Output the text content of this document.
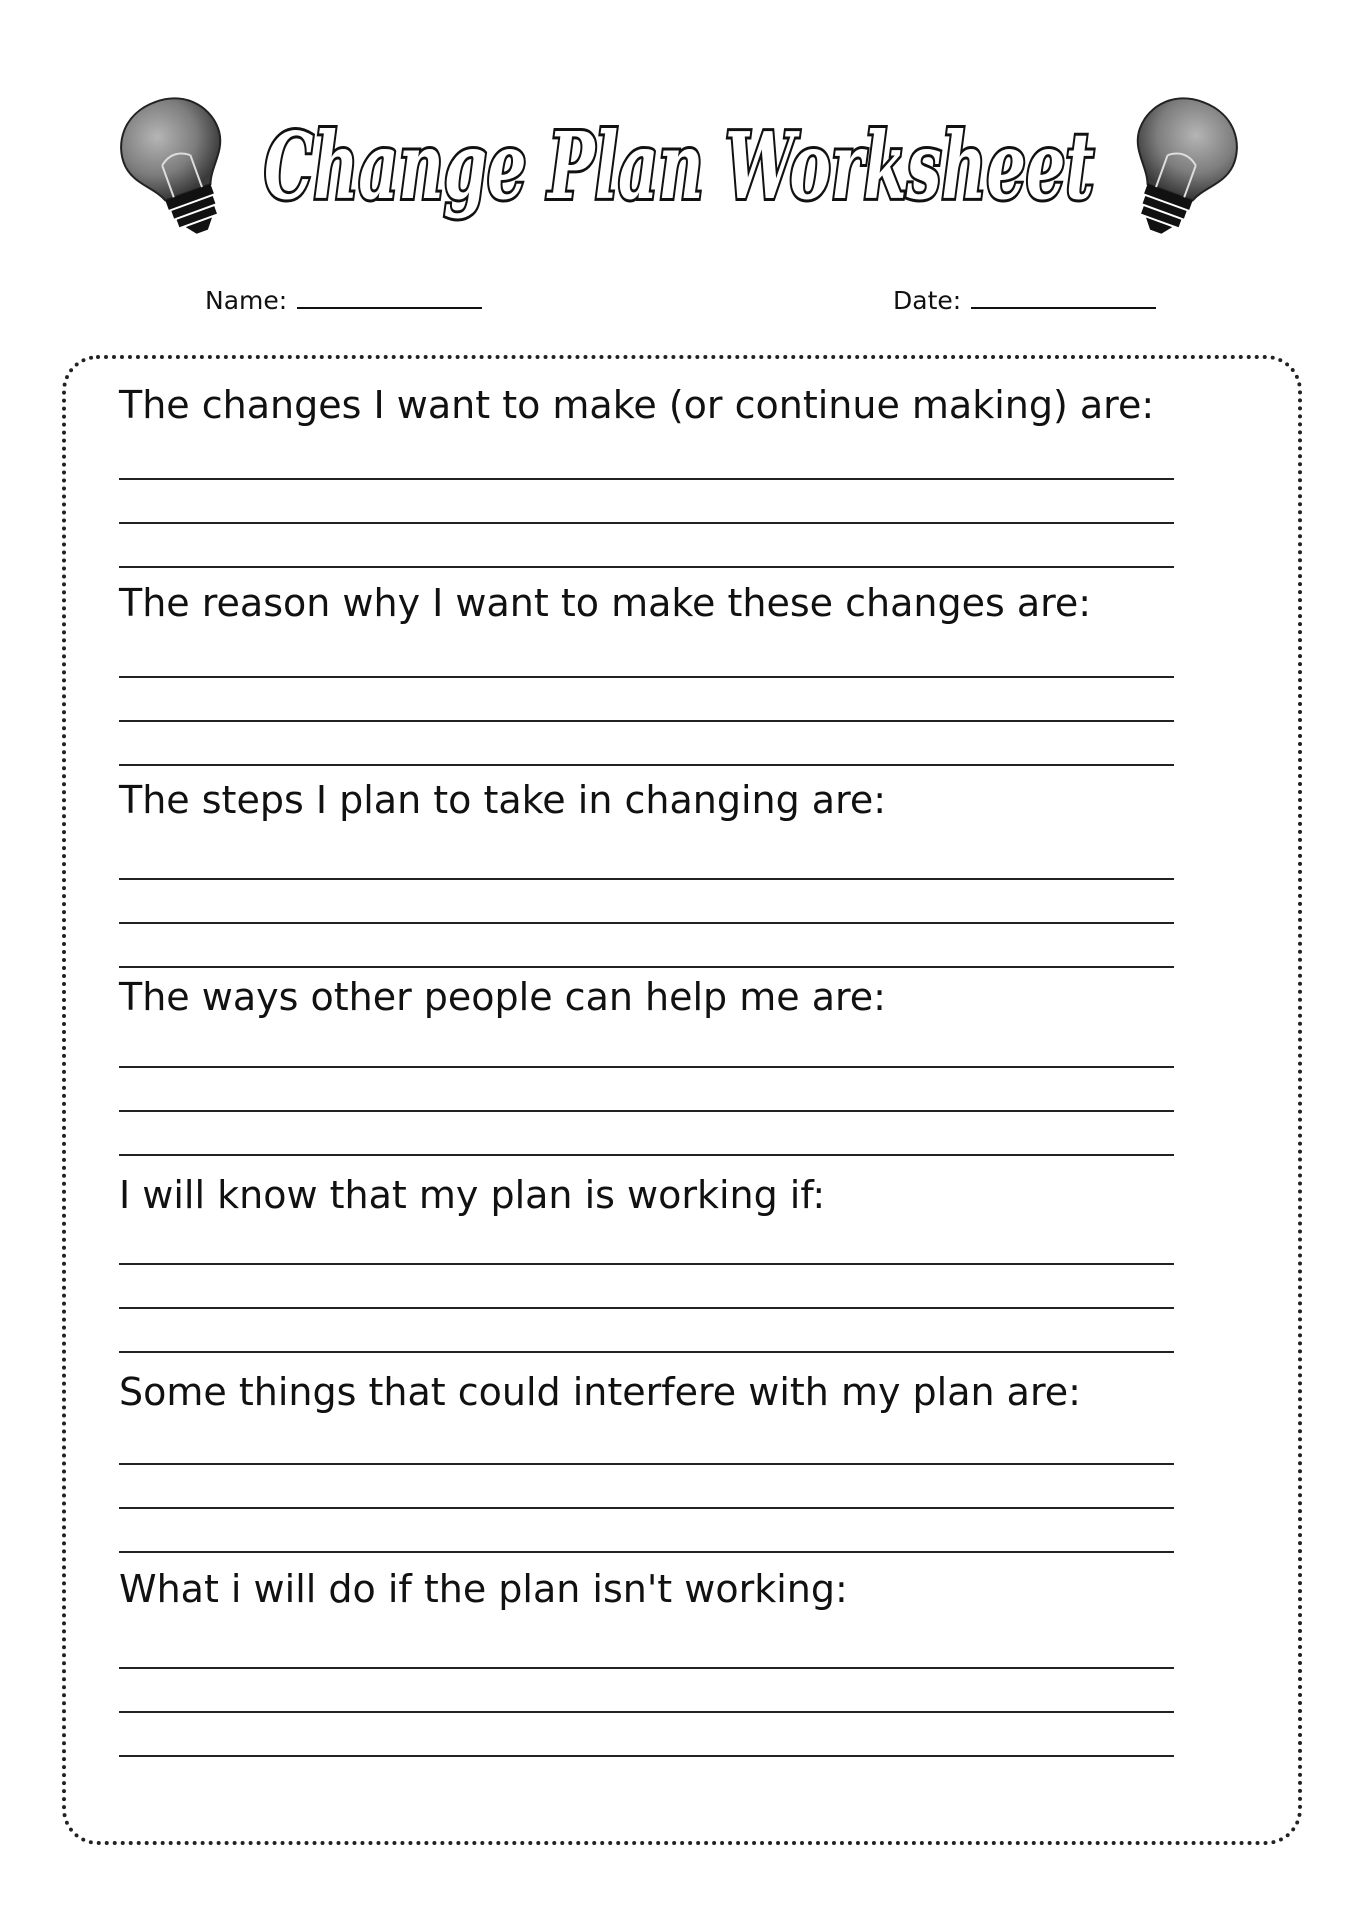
Change Plan Worksheet
Name:	Date:
The changes I want to make (or continue making) are:
The reason why I want to make these changes are:
The steps I plan to take in changing are:
The ways other people can help me are:
I will know that my plan is working if:
Some things that could interfere with my plan are:
What i will do if the plan isn't working:
